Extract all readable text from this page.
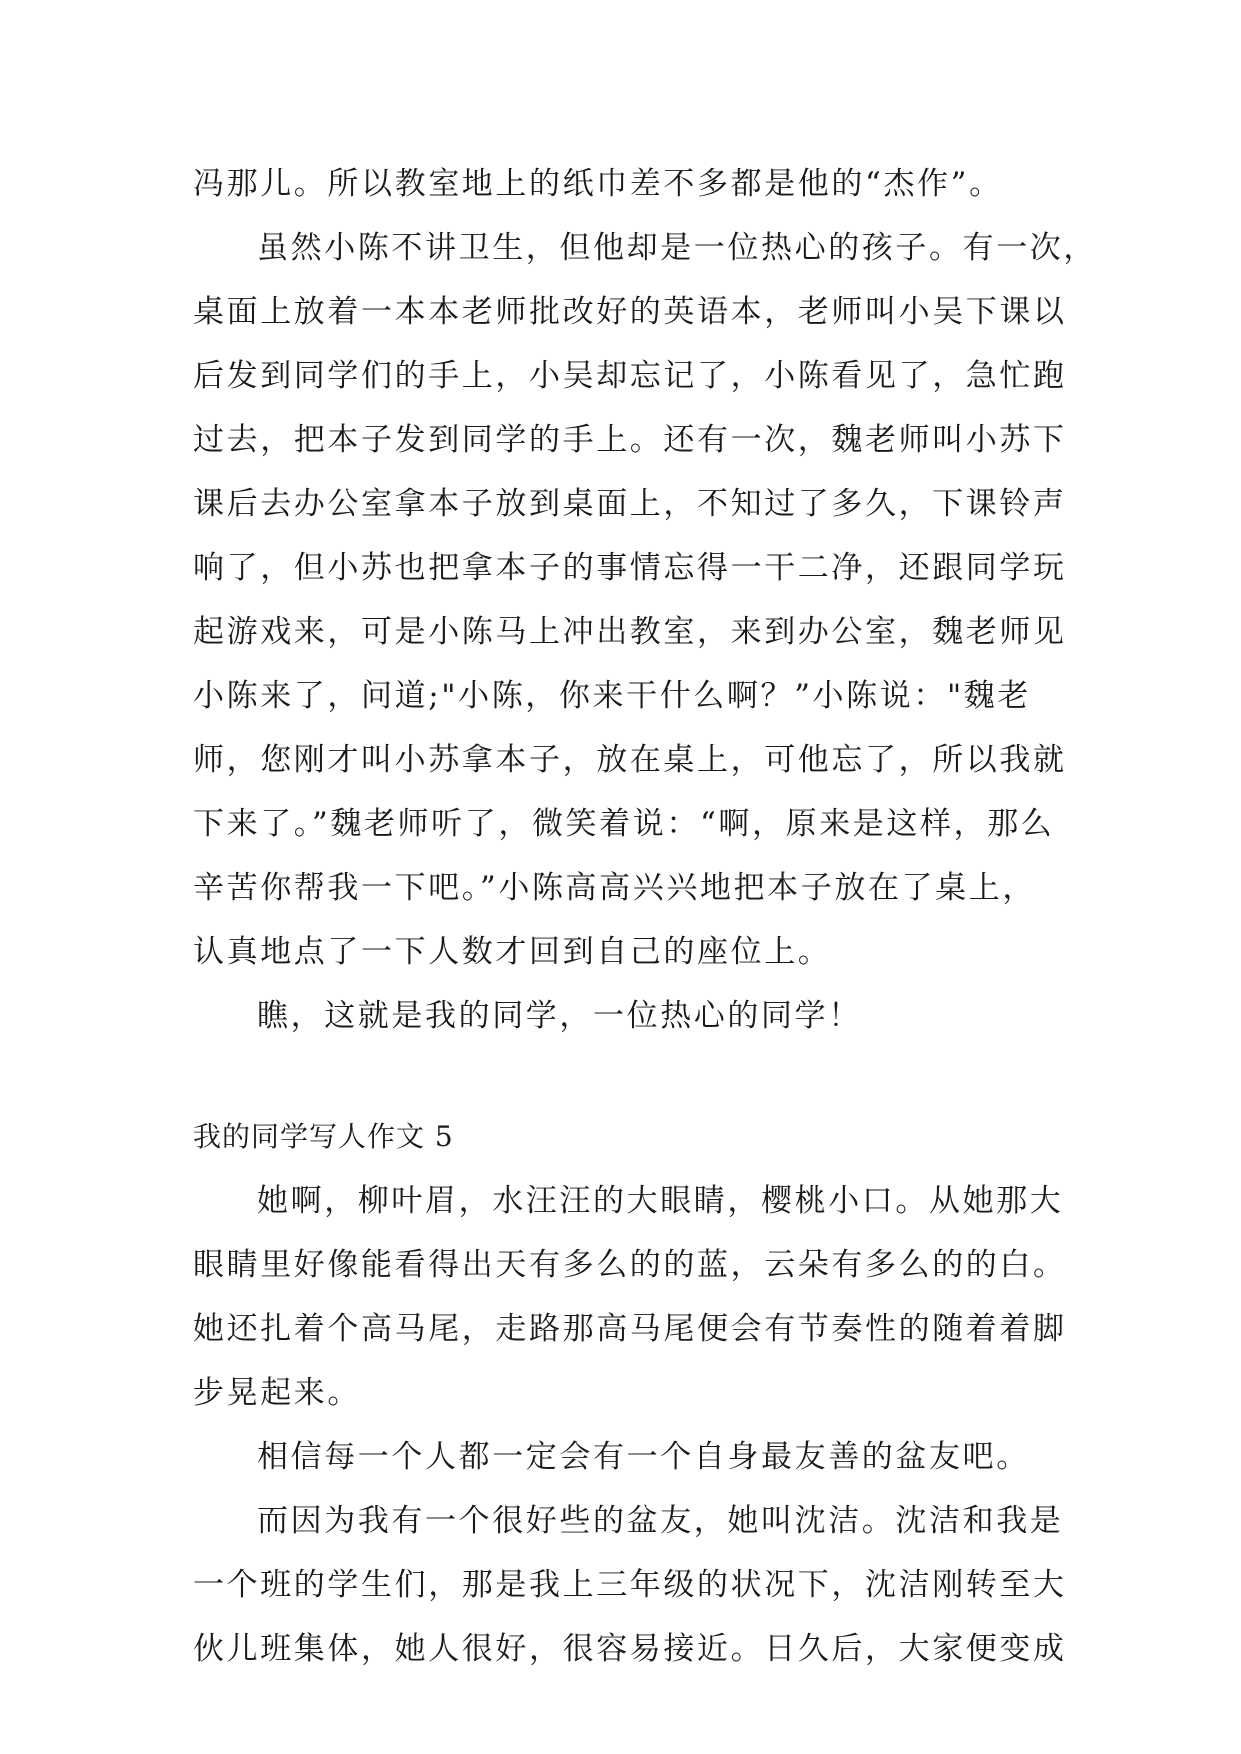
冯那儿。所以教室地上的纸巾差不多都是他的“杰作”。
虽然小陈不讲卫生，但他却是一位热心的孩子。有一次，
桌面上放着一本本老师批改好的英语本，老师叫小吴下课以
后发到同学们的手上，小吴却忘记了，小陈看见了，急忙跑
过去，把本子发到同学的手上。还有一次，魏老师叫小苏下
课后去办公室拿本子放到桌面上，不知过了多久，下课铃声
响了，但小苏也把拿本子的事情忘得一干二净，还跟同学玩
起游戏来，可是小陈马上冲出教室，来到办公室，魏老师见
小陈来了，问道;"小陈，你来干什么啊？”小陈说："魏老
师，您刚才叫小苏拿本子，放在桌上，可他忘了，所以我就
下来了。”魏老师听了，微笑着说：“啊，原来是这样，那么
辛苦你帮我一下吧。”小陈高高兴兴地把本子放在了桌上，
认真地点了一下人数才回到自己的座位上。
瞧，这就是我的同学，一位热心的同学！
我的同学写人作文 5
她啊，柳叶眉，水汪汪的大眼睛，樱桃小口。从她那大
眼睛里好像能看得出天有多么的的蓝，云朵有多么的的白。
她还扎着个高马尾，走路那高马尾便会有节奏性的随着着脚
步晃起来。
相信每一个人都一定会有一个自身最友善的盆友吧。
而因为我有一个很好些的盆友，她叫沈洁。沈洁和我是
一个班的学生们，那是我上三年级的状况下，沈洁刚转至大
伙儿班集体，她人很好，很容易接近。日久后，大家便变成
